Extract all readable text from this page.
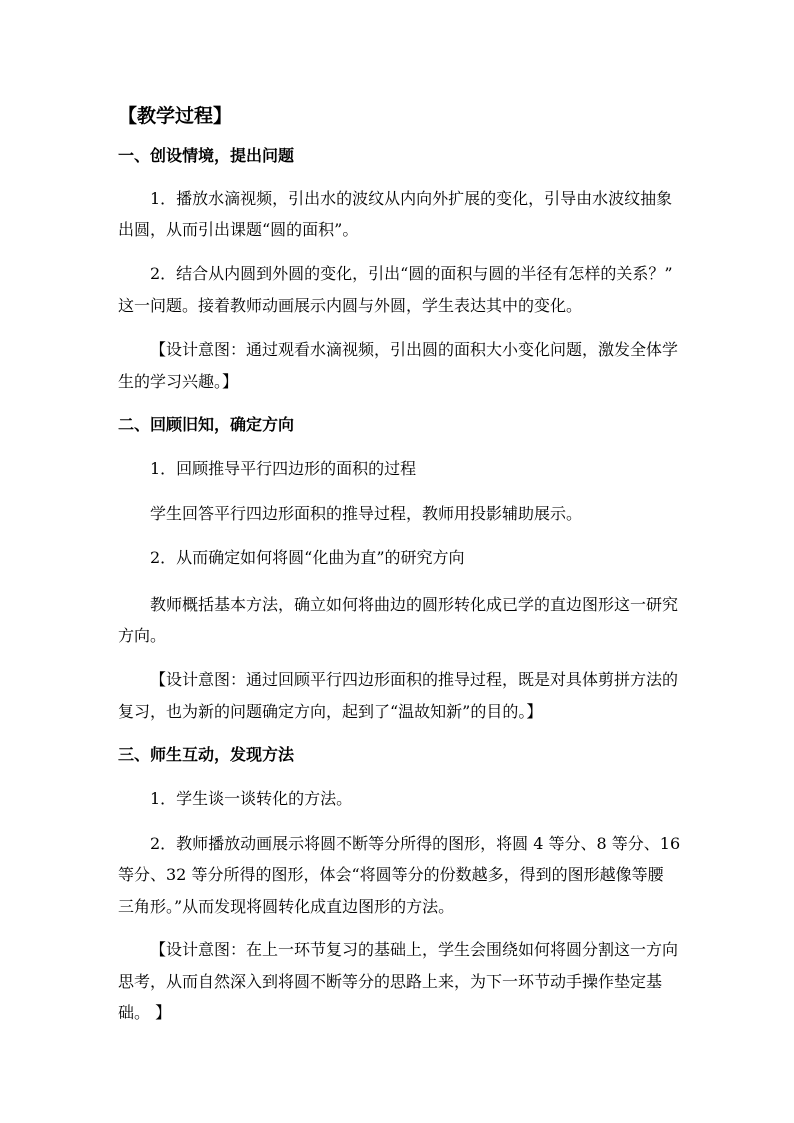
【教学过程】
一、创设情境，提出问题
1．播放水滴视频，引出水的波纹从内向外扩展的变化，引导由水波纹抽象
出圆，从而引出课题“圆的面积”。
2．结合从内圆到外圆的变化，引出“圆的面积与圆的半径有怎样的关系？”
这一问题。接着教师动画展示内圆与外圆，学生表达其中的变化。
【设计意图：通过观看水滴视频，引出圆的面积大小变化问题，激发全体学
生的学习兴趣。】
二、回顾旧知，确定方向
1．回顾推导平行四边形的面积的过程
学生回答平行四边形面积的推导过程，教师用投影辅助展示。
2．从而确定如何将圆“化曲为直”的研究方向
教师概括基本方法，确立如何将曲边的圆形转化成已学的直边图形这一研究
方向。
【设计意图：通过回顾平行四边形面积的推导过程，既是对具体剪拼方法的
复习，也为新的问题确定方向，起到了“温故知新”的目的。】
三、师生互动，发现方法
1．学生谈一谈转化的方法。
2．教师播放动画展示将圆不断等分所得的图形，将圆 4 等分、8 等分、16
等分、32 等分所得的图形，体会“将圆等分的份数越多，得到的图形越像等腰
三角形。”从而发现将圆转化成直边图形的方法。
【设计意图：在上一环节复习的基础上，学生会围绕如何将圆分割这一方向
思考，从而自然深入到将圆不断等分的思路上来，为下一环节动手操作垫定基
础。 】
